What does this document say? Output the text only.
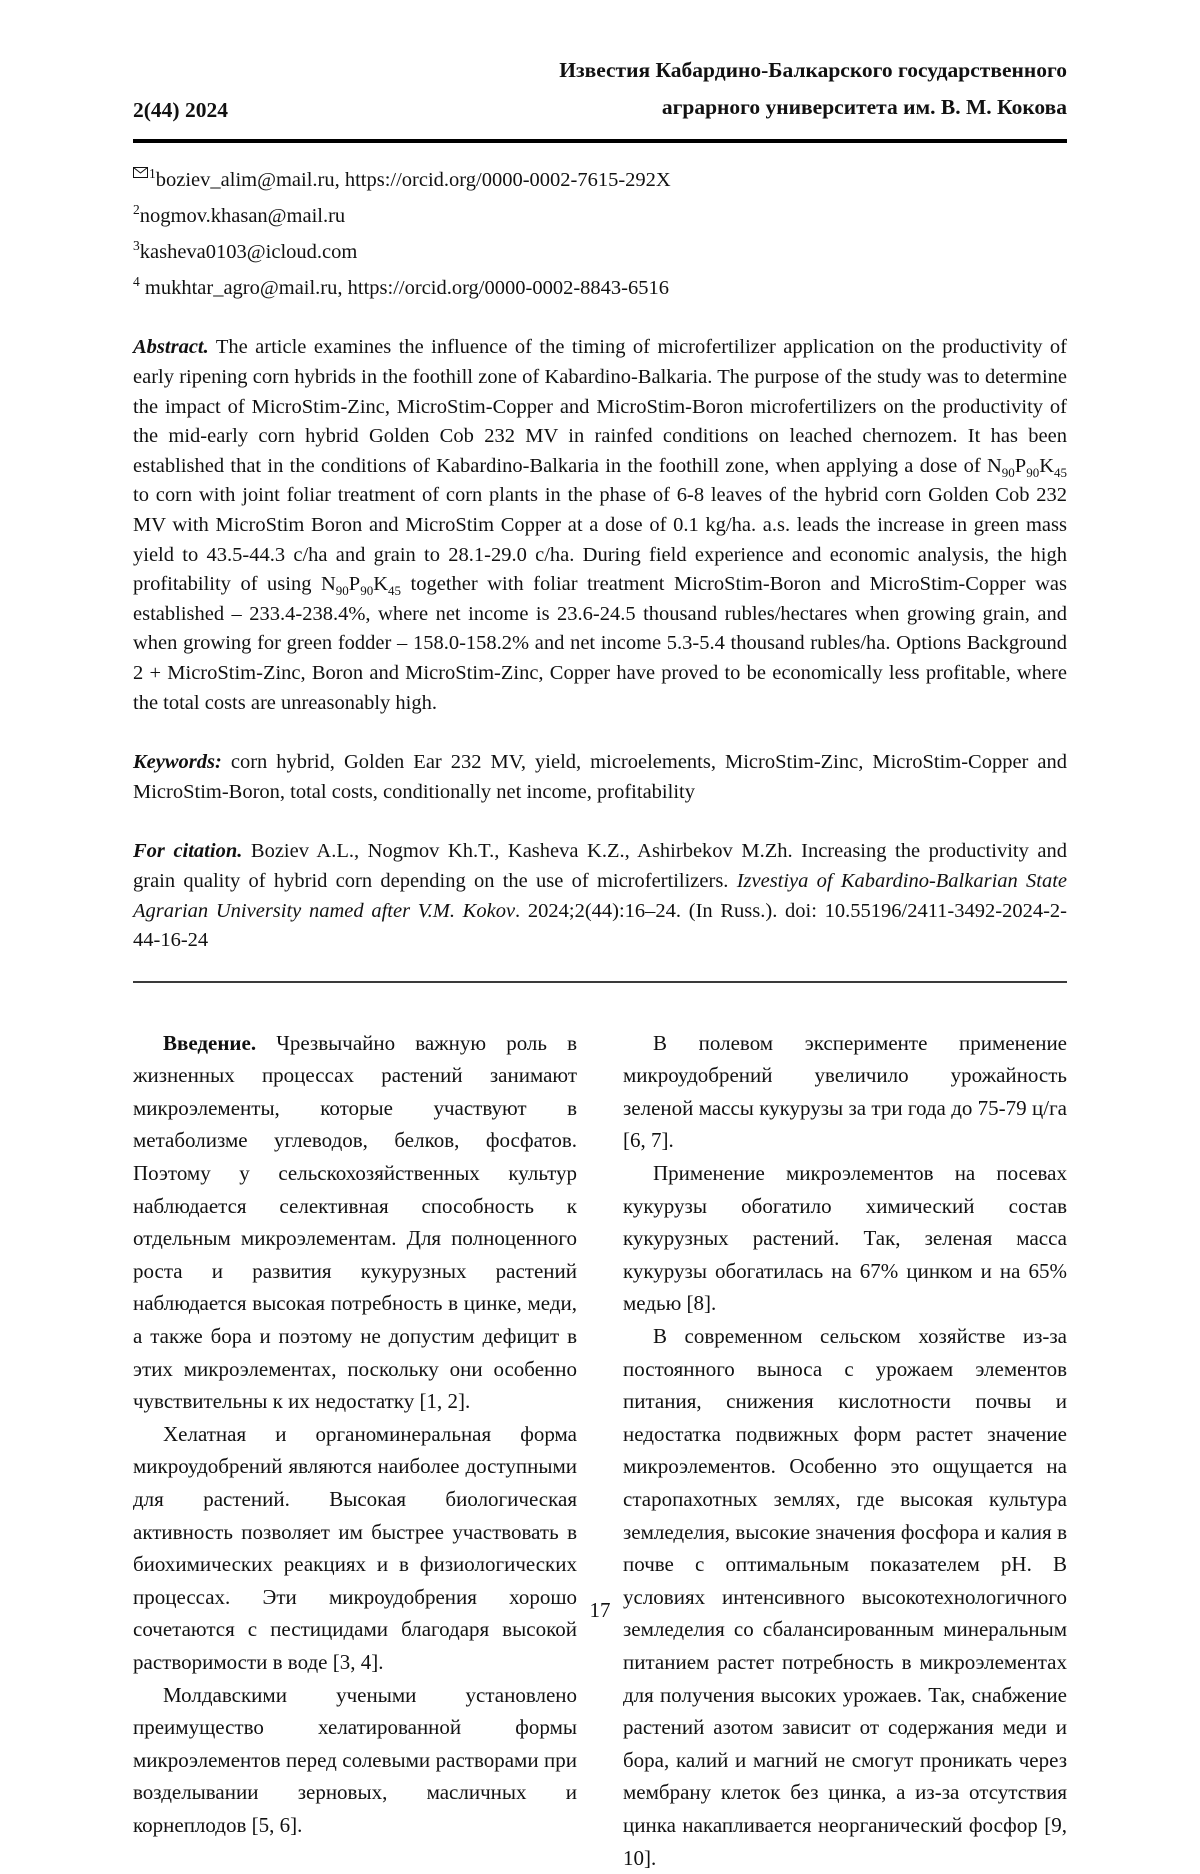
2(44) 2024
Известия Кабардино-Балкарского государственного
аграрного университета им. В. М. Кокова
$^1$boziev_alim@mail.ru, https://orcid.org/0000-0002-7615-292X
$^2$nogmov.khasan@mail.ru
$^3$kasheva0103@icloud.com
$^4$ mukhtar_agro@mail.ru, https://orcid.org/0000-0002-8843-6516

Abstract. The article examines the influence of the timing of microfertilizer application on the productivity of early ripening corn hybrids in the foothill zone of Kabardino-Balkaria. The purpose of the study was to determine the impact of MicroStim-Zinc, MicroStim-Copper and MicroStim-Boron microfertilizers on the productivity of the mid-early corn hybrid Golden Cob 232 MV in rainfed conditions on leached chernozem. It has been established that in the conditions of Kabardino-Balkaria in the foothill zone, when applying a dose of $N_{90}P_{90}K_{45}$ to corn with joint foliar treatment of corn plants in the phase of 6-8 leaves of the hybrid corn Golden Cob 232 MV with MicroStim Boron and MicroStim Copper at a dose of 0.1 kg/ha. a.s. leads the increase in green mass yield to 43.5-44.3 c/ha and grain to 28.1-29.0 c/ha. During field experience and economic analysis, the high profitability of using $N_{90}P_{90}K_{45}$ together with foliar treatment MicroStim-Boron and MicroStim-Copper was established – 233.4-238.4%, where net income is 23.6-24.5 thousand rubles/hectares when growing grain, and when growing for green fodder – 158.0-158.2% and net income 5.3-5.4 thousand rubles/ha. Options Background 2 + MicroStim-Zinc, Boron and MicroStim-Zinc, Copper have proved to be economically less profitable, where the total costs are unreasonably high.

Keywords: corn hybrid, Golden Ear 232 MV, yield, microelements, MicroStim-Zinc, MicroStim-Copper and MicroStim-Boron, total costs, conditionally net income, profitability

For citation. Boziev A.L., Nogmov Kh.T., Kasheva K.Z., Ashirbekov M.Zh. Increasing the productivity and grain quality of hybrid corn depending on the use of microfertilizers. Izvestiya of Kabardino-Balkarian State Agrarian University named after V.M. Kokov. 2024;2(44):16–24. (In Russ.). doi: 10.55196/2411-3492-2024-2-44-16-24

Введение. Чрезвычайно важную роль в жизненных процессах растений занимают микроэлементы, которые участвуют в метаболизме углеводов, белков, фосфатов. Поэтому у сельскохозяйственных культур наблюдается селективная способность к отдельным микроэлементам. Для полноценного роста и развития кукурузных растений наблюдается высокая потребность в цинке, меди, а также бора и поэтому не допустим дефицит в этих микроэлементах, поскольку они особенно чувствительны к их недостатку [1, 2].

Хелатная и органоминеральная форма микроудобрений являются наиболее доступными для растений. Высокая биологическая активность позволяет им быстрее участвовать в биохимических реакциях и в физиологических процессах. Эти микроудобрения хорошо сочетаются с пестицидами благодаря высокой растворимости в воде [3, 4].

Молдавскими учеными установлено преимущество хелатированной формы микроэлементов перед солевыми растворами при возделывании зерновых, масличных и корнеплодов [5, 6].

В полевом эксперименте применение микроудобрений увеличило урожайность зеленой массы кукурузы за три года до 75-79 ц/га [6, 7].

Применение микроэлементов на посевах кукурузы обогатило химический состав кукурузных растений. Так, зеленая масса кукурузы обогатилась на 67% цинком и на 65% медью [8].

В современном сельском хозяйстве из-за постоянного выноса с урожаем элементов питания, снижения кислотности почвы и недостатка подвижных форм растет значение микроэлементов. Особенно это ощущается на старопахотных землях, где высокая культура земледелия, высокие значения фосфора и калия в почве с оптимальным показателем pH. В условиях интенсивного высокотехнологичного земледелия со сбалансированным минеральным питанием растет потребность в микроэлементах для получения высоких урожаев. Так, снабжение растений азотом зависит от содержания меди и бора, калий и магний не смогут проникать через мембрану клеток без цинка, а из-за отсутствия цинка накапливается неорганический фосфор [9, 10].

17
